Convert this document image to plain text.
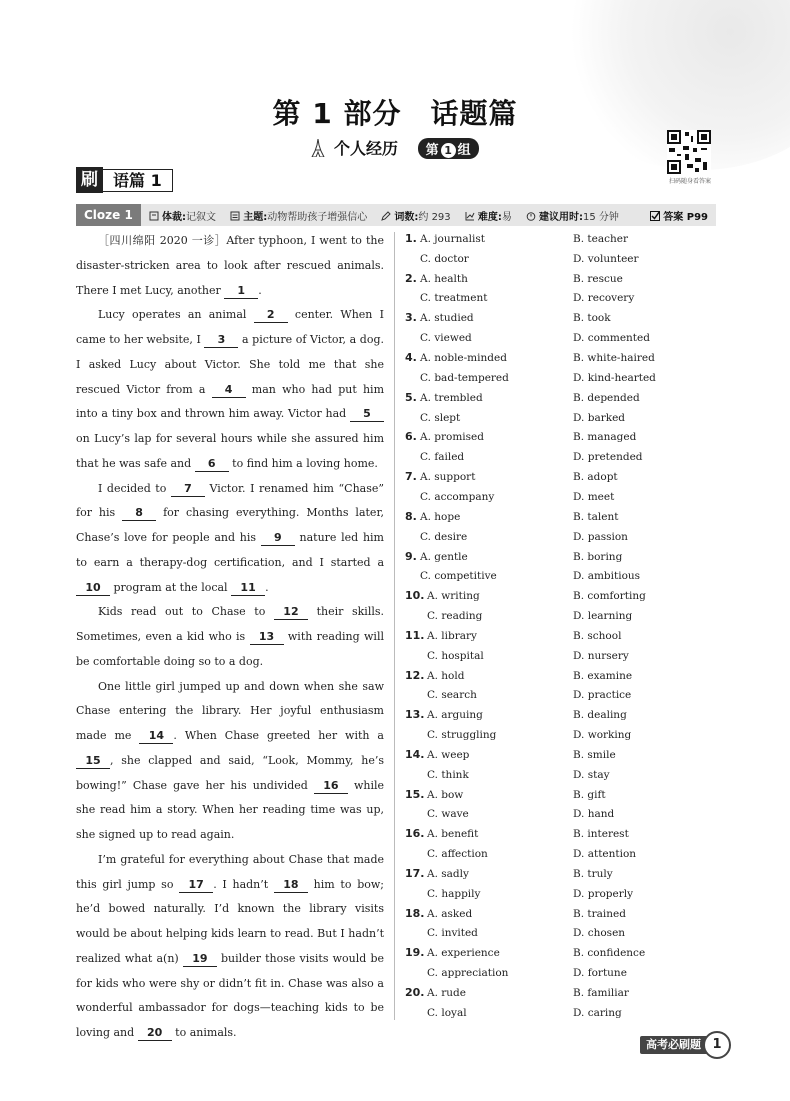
第 1 部分　话题篇
个人经历 第 1 组
扫码随身看答案
刷 语篇 1
Cloze 1	体裁:记叙文	主题:动物帮助孩子增强信心	词数:约 293	难度:易	建议用时:15 分钟	答案 P99

［四川绵阳 2020 一诊］After typhoon, I went to the disaster-stricken area to look after rescued animals. There I met Lucy, another 1 .

Lucy operates an animal 2 center. When I came to her website, I 3 a picture of Victor, a dog. I asked Lucy about Victor. She told me that she rescued Victor from a 4 man who had put him into a tiny box and thrown him away. Victor had 5 on Lucy’s lap for several hours while she assured him that he was safe and 6 to find him a loving home.

I decided to 7 Victor. I renamed him “Chase” for his 8 for chasing everything. Months later, Chase’s love for people and his 9 nature led him to earn a therapy-dog certification, and I started a 10 program at the local 11 .

Kids read out to Chase to 12 their skills. Sometimes, even a kid who is 13 with reading will be comfortable doing so to a dog.

One little girl jumped up and down when she saw Chase entering the library. Her joyful enthusiasm made me 14 . When Chase greeted her with a 15 , she clapped and said, “Look, Mommy, he’s bowing!” Chase gave her his undivided 16 while she read him a story. When her reading time was up, she signed up to read again.

I’m grateful for everything about Chase that made this girl jump so 17 . I hadn’t 18 him to bow; he’d bowed naturally. I’d known the library visits would be about helping kids learn to read. But I hadn’t realized what a(n) 19 builder those visits would be for kids who were shy or didn’t fit in. Chase was also a wonderful ambassador for dogs—teaching kids to be loving and 20 to animals.

1. A. journalist	B. teacher
C. doctor	D. volunteer
2. A. health	B. rescue
C. treatment	D. recovery
3. A. studied	B. took
C. viewed	D. commented
4. A. noble-minded	B. white-haired
C. bad-tempered	D. kind-hearted
5. A. trembled	B. depended
C. slept	D. barked
6. A. promised	B. managed
C. failed	D. pretended
7. A. support	B. adopt
C. accompany	D. meet
8. A. hope	B. talent
C. desire	D. passion
9. A. gentle	B. boring
C. competitive	D. ambitious
10. A. writing	B. comforting
C. reading	D. learning
11. A. library	B. school
C. hospital	D. nursery
12. A. hold	B. examine
C. search	D. practice
13. A. arguing	B. dealing
C. struggling	D. working
14. A. weep	B. smile
C. think	D. stay
15. A. bow	B. gift
C. wave	D. hand
16. A. benefit	B. interest
C. affection	D. attention
17. A. sadly	B. truly
C. happily	D. properly
18. A. asked	B. trained
C. invited	D. chosen
19. A. experience	B. confidence
C. appreciation	D. fortune
20. A. rude	B. familiar
C. loyal	D. caring
高考必刷题 1
